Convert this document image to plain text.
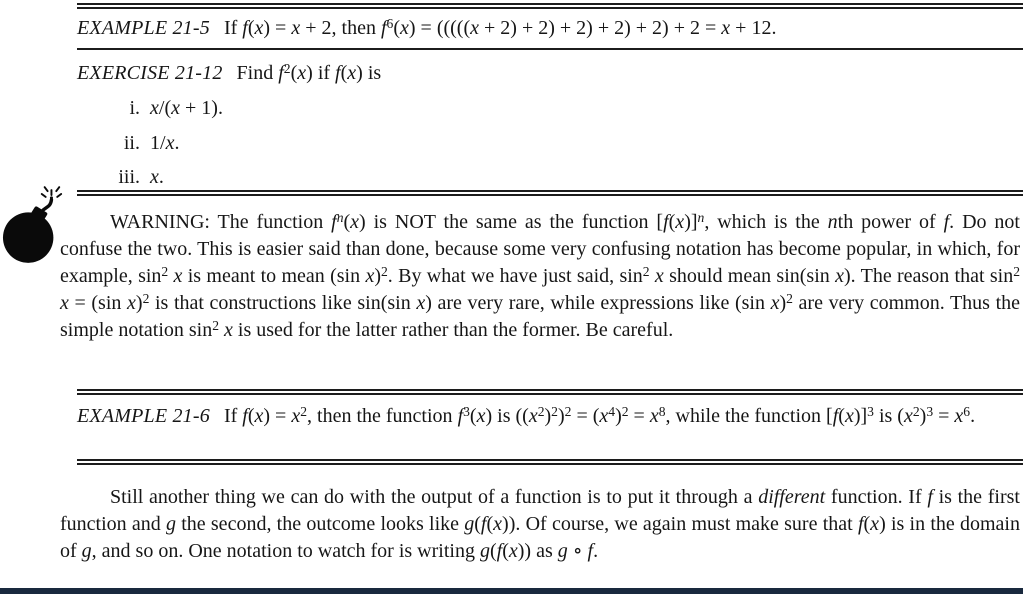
EXAMPLE 21-5 If f(x) = x + 2, then $f^6(x) = (((((x + 2) + 2) + 2) + 2) + 2) + 2 = x + 12$.
EXERCISE 21-12 Find $f^2(x)$ if f(x) is
i. x/(x + 1).
ii. 1/x.
iii. x.
WARNING: The function $f^n(x)$ is NOT the same as the function $[f(x)]^n$, which is the nth power of f. Do not confuse the two. This is easier said than done, because some very confusing notation has become popular, in which, for example, $\sin^2 x$ is meant to mean (sin x)$^2$. By what we have just said, $\sin^2 x$ should mean sin(sin x). The reason that $\sin^2 x = (\sin$ x)$^2$ is that constructions like sin(sin x) are very rare, while expressions like (sin x)$^2$ are very common. Thus the simple notation $\sin^2 x$ is used for the latter rather than the former. Be careful.
EXAMPLE 21-6 If $f(x) = x^2$, then the function $f^3(x)$ is $((x^2)^2)^2 = (x^4)^2 = x^8$, while the function $[f(x)]^3$ is $(x^2)^3 = x^6$.
Still another thing we can do with the output of a function is to put it through a different function. If f is the first function and g the second, the outcome looks like g(f(x)). Of course, we again must make sure that f(x) is in the domain of g, and so on. One notation to watch for is writing g(f(x)) as g ∘ f.
